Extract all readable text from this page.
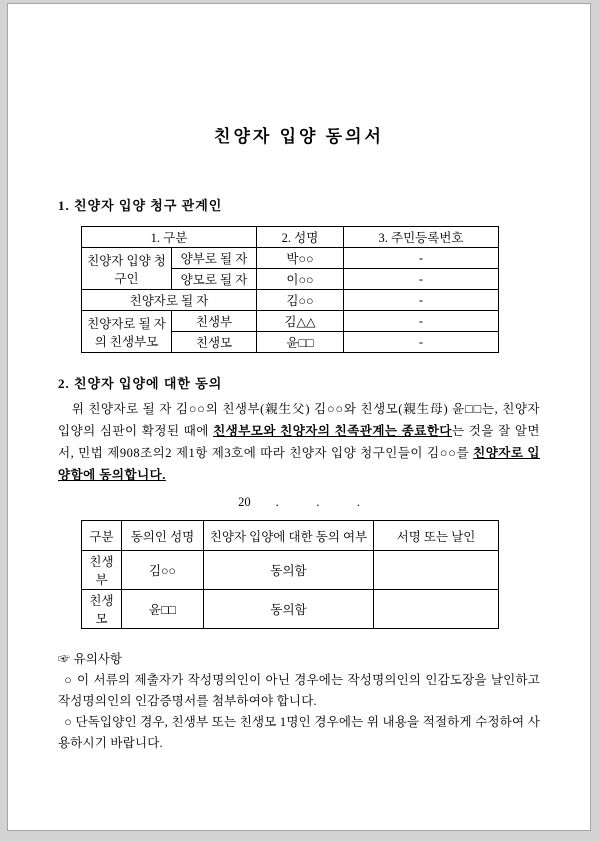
친양자 입양 동의서
1. 친양자 입양 청구 관계인
1. 구분		2. 성명	3. 주민등록번호
친양자 입양 청구인	양부로 될 자	박○○	-
	양모로 될 자	이○○	-
친양자로 될 자		김○○	-
친양자로 될 자의 친생부모	친생부	김△△	-
	친생모	윤□□	-
2. 친양자 입양에 대한 동의

위 친양자로 될 자 김○○의 친생부(親生父) 김○○와 친생모(親生母) 윤□□는, 친양자 입양의 심판이 확정된 때에 친생부모와 친양자의 친족관계는 종료한다는 것을 잘 알면서, 민법 제908조의2 제1항 제3호에 따라 친양자 입양 청구인들이 김○○를 친양자로 입양함에 동의합니다.

20        .            .            .
구분	동의인 성명	친양자 입양에 대한 동의 여부	서명 또는 날인
친생부	김○○	동의함	
친생모	윤□□	동의함	

☞ 유의사항

○ 이 서류의 제출자가 작성명의인이 아닌 경우에는 작성명의인의 인감도장을 날인하고 작성명의인의 인감증명서를 첨부하여야 합니다.

○ 단독입양인 경우, 친생부 또는 친생모 1명인 경우에는 위 내용을 적절하게 수정하여 사용하시기 바랍니다.
